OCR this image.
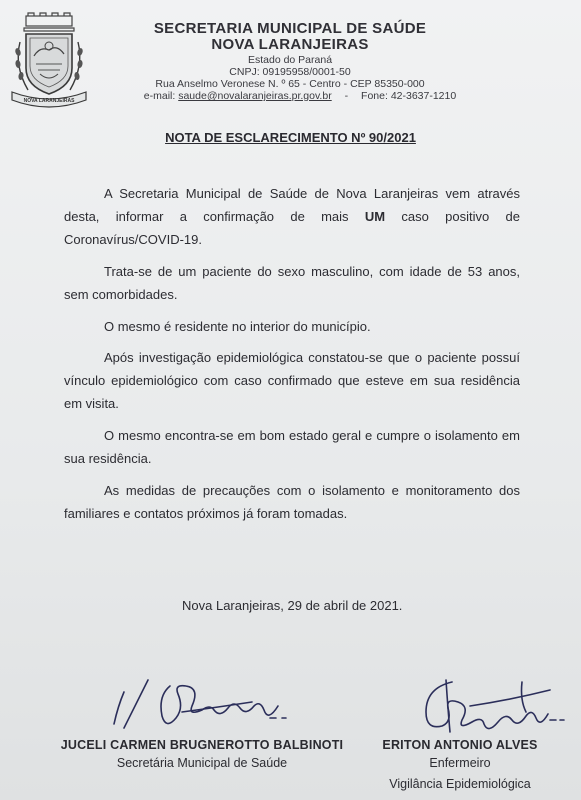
NOVA LARANJEIRAS
SECRETARIA MUNICIPAL DE SAÚDE
NOVA LARANJEIRAS
Estado do Paraná
CNPJ: 09195958/0001-50
Rua Anselmo Veronese N. º 65 - Centro - CEP 85350-000
e-mail: saude@novalaranjeiras.pr.gov.br - Fone: 42-3637-1210
NOTA DE ESCLARECIMENTO Nº 90/2021
A Secretaria Municipal de Saúde de Nova Laranjeiras vem através desta, informar a confirmação de mais UM caso positivo de Coronavírus/COVID-19.
Trata-se de um paciente do sexo masculino, com idade de 53 anos, sem comorbidades.
O mesmo é residente no interior do município.
Após investigação epidemiológica constatou-se que o paciente possuí vínculo epidemiológico com caso confirmado que esteve em sua residência em visita.
O mesmo encontra-se em bom estado geral e cumpre o isolamento em sua residência.
As medidas de precauções com o isolamento e monitoramento dos familiares e contatos próximos já foram tomadas.
Nova Laranjeiras, 29 de abril de 2021.
JUCELI CARMEN BRUGNEROTTO BALBINOTI
Secretária Municipal de Saúde
ERITON ANTONIO ALVES
Enfermeiro
Vigilância Epidemiológica
